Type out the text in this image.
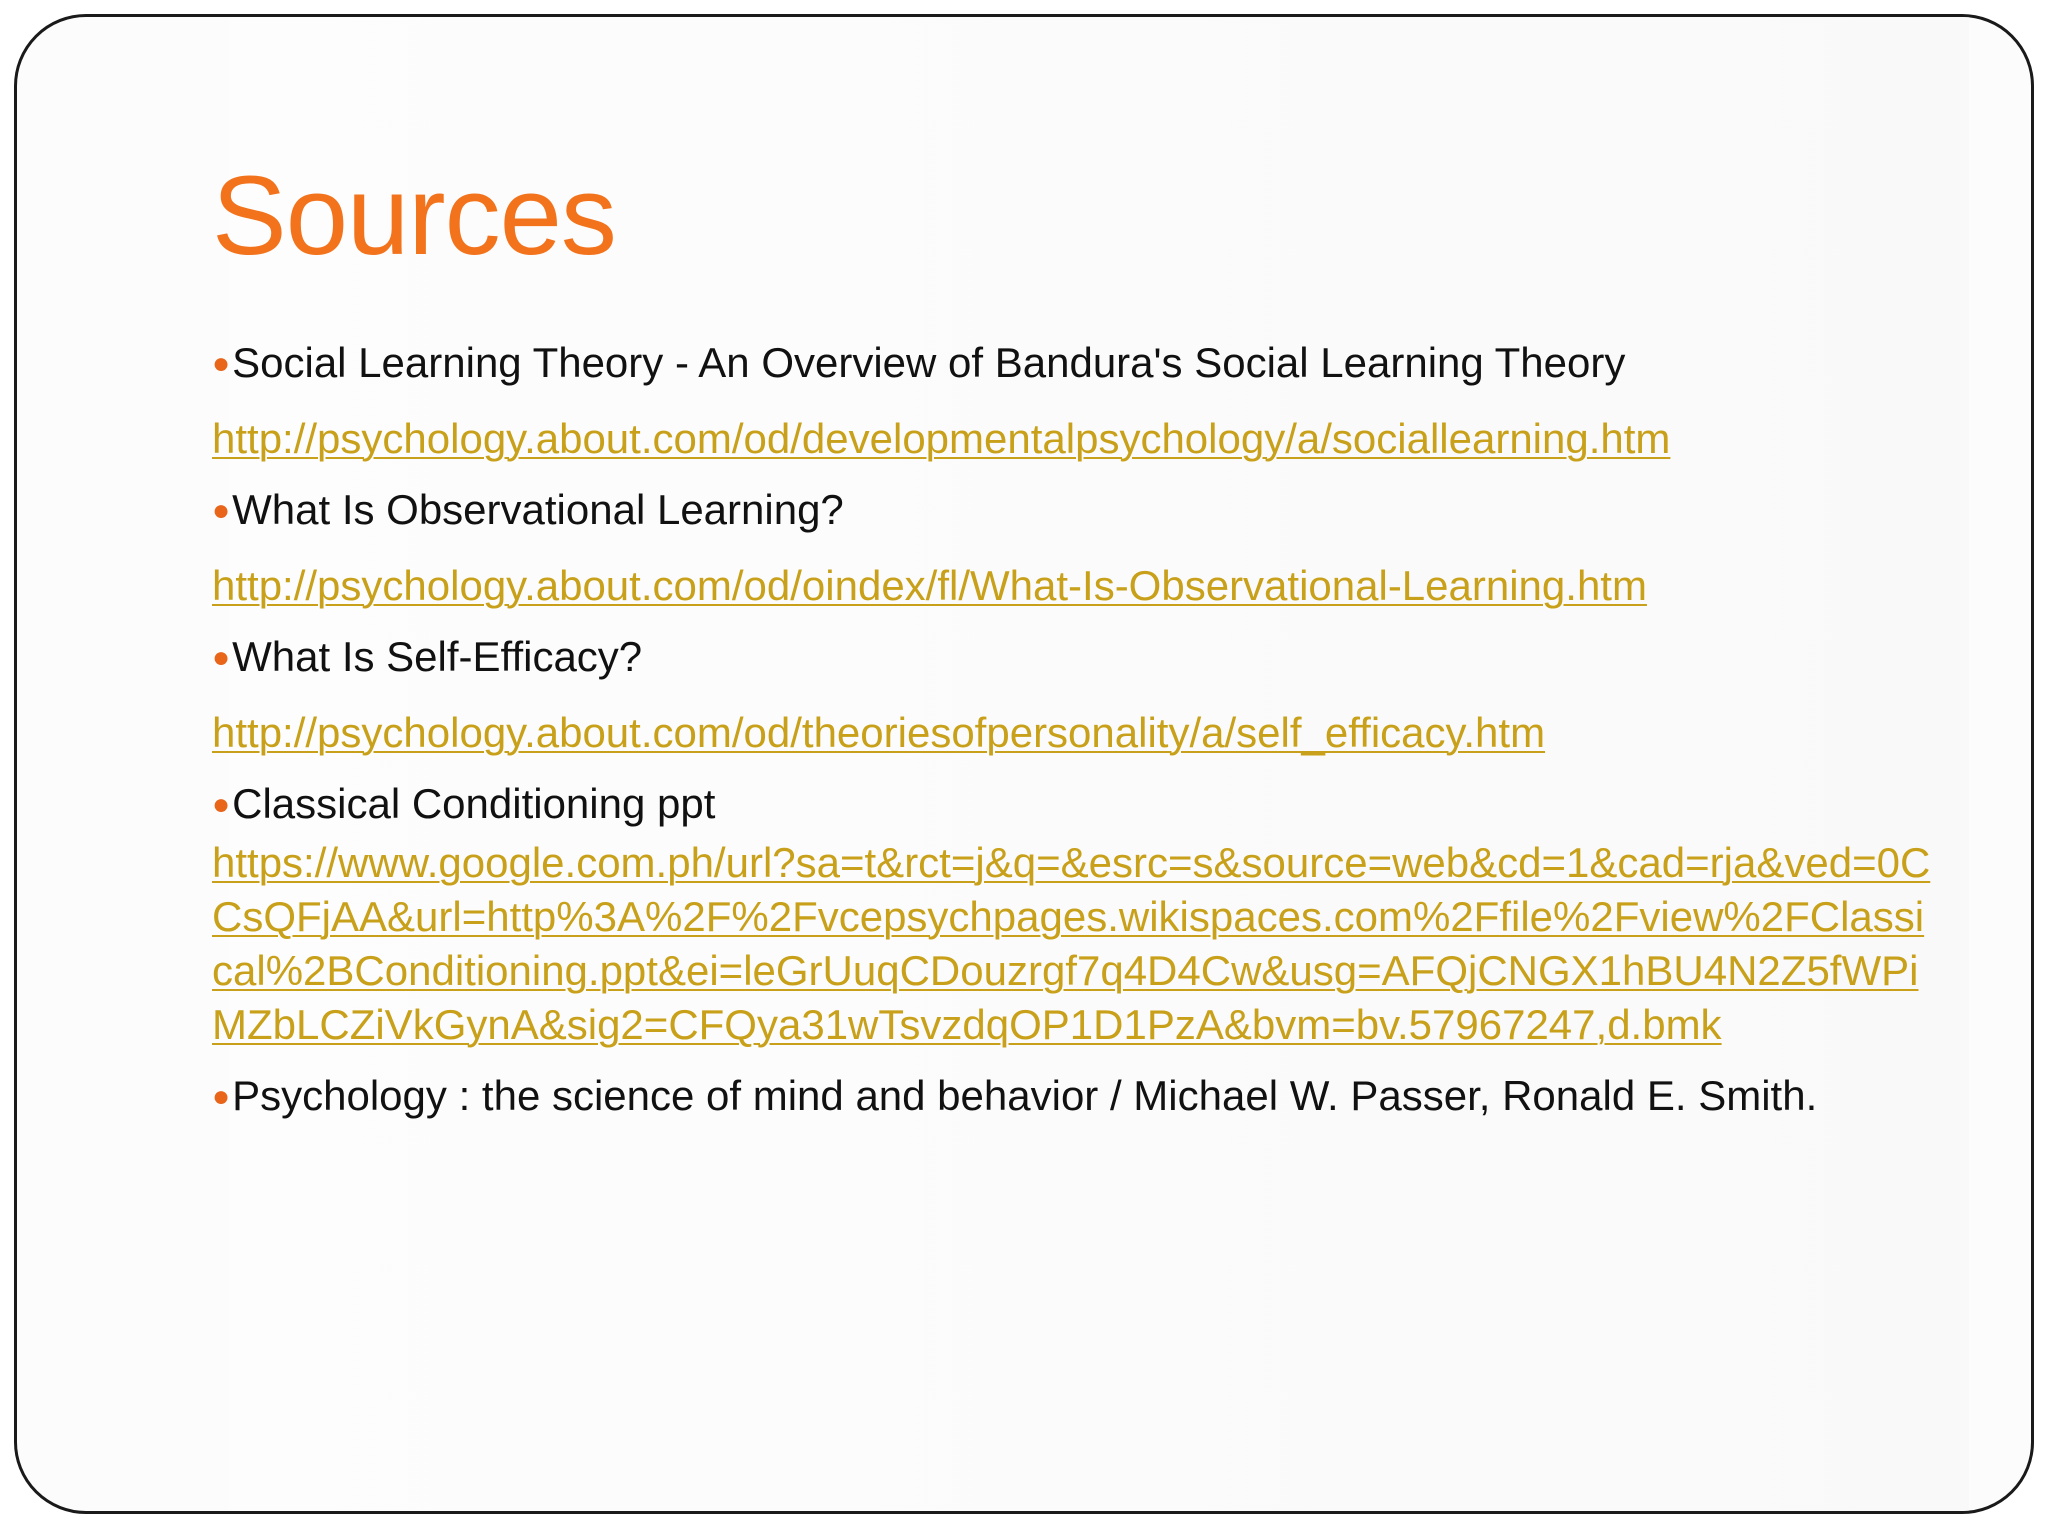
Sources

●Social Learning Theory - An Overview of Bandura's Social Learning Theory

http://psychology.about.com/od/developmentalpsychology/a/sociallearning.htm

●What Is Observational Learning?

http://psychology.about.com/od/oindex/fl/What-Is-Observational-Learning.htm

●What Is Self-Efficacy?

http://psychology.about.com/od/theoriesofpersonality/a/self_efficacy.htm

●Classical Conditioning ppt

https://www.google.com.ph/url?sa=t&rct=j&q=&esrc=s&source=web&cd=1&cad=rja&ved=0CCsQFjAA&url=http%3A%2F%2Fvcepsychpages.wikispaces.com%2Ffile%2Fview%2FClassical%2BConditioning.ppt&ei=leGrUuqCDouzrgf7q4D4Cw&usg=AFQjCNGX1hBU4N2Z5fWPiMZbLCZiVkGynA&sig2=CFQya31wTsvzdqOP1D1PzA&bvm=bv.57967247,d.bmk

●Psychology : the science of mind and behavior / Michael W. Passer, Ronald E. Smith.
